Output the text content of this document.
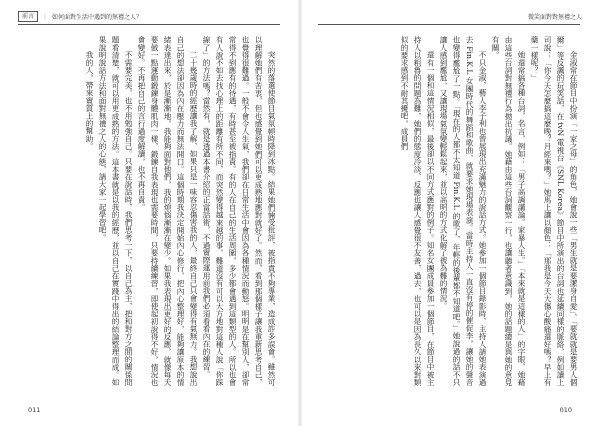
前言	｜ 如何面對生活中遇到的無禮之人？

突然的落選使節目氣氛頓時降到冰點。結果她們倆受批評，被指責不夠專業，造成許多誤會。雖然可以理解她們有苦衷，但也感覺到她們可以更成熟地應對就好了。然而，看到那個樣子讓我重新思考自己，也覺得很難過。一般不會令人生氣，我們卻在日常生活中會因為各種情況而動怒。明明是在幫別人，卻常常得不到應有的待遇，有時甚至被指責。有的人在自己的生活周圍，多少都會遇到這類型的人。所以也會有人說不如去找心理上的距離有所不同，而突然變得越來越的事，難道沒有可以大方地對這種人說「你踩線了」的方法嗎？當然有，就是透過本書介紹的正當話術，不過實際運用前我們必須看看內在的練習。

二十幾歲時的經歷讓我了解，如果只是一味容忍傷害我的人，最終自己只會變得有氣無力。我想說出自己的想法卻因為內在壓力而無法開口。這個時期我決定開始內心修行，把內心整理好，能夠讓原本的情緒表達出來，於是漸漸地，我能夠面對他們，我的煩惱漸漸在變少。如果我表現出更好的反應，就像每天要做一點運動鍛鍊身體肌肉一樣，鍛鍊自我表現也需要時間，只要持續練習，即使起初說得不好，情況也會變好。不再把自己的言行過度解讀，也不再自責。

不需要完美，也不用勉強自己。只要在說話時，我們思考一下，以自己為主，把和對方之間的關係問題看清楚，就可以用更成熟的方法。這本書就是以我的經歷，並以自己在實踐中得出的結論整理而成。如果說明說話方法和面對無禮之人的心態，請大家一起學習吧。

我的人，帶來實質上的幫助。

011
微笑面對對無禮之人

金淑常在節目中扮演「一家之母」的角色，她會說一些「男生就是要潔身自愛」、「要就就是要男人個爾」等反諷的玩笑話，在 tvN 電視台《SNL Korea》節目中所演出的台詞也延續同樣的脈絡，例如讀上司說：「你今天怎麼搞這麼晚？月經來嗎？」她馬上讓以顏色：「那我是今天大傷心酸痛還好嗎？早上有藥一樣呢？」

她還常搞各種台詞，名言，例如：「男子高調講論。家暴人生。」「本來就是這樣的人」的字眼，她藉由這些台詞對無禮行為拋出抗議。她藉由這些台詞觀察一行，也讓聽者意識到，她的話題總是與她的意見有關。

不只金淑，藝人李子利也曾展現出充滿魅力的說話方式。她參加一個節目錄影時，主持人請她表演過去 Fin.K.L 女團時代的舞蹈和歌曲，就要求她現場表演。當時主持人一直沒有停的催促李，讓她的聲音也變得尷尬了一點。「現在的人都不太知道 Fin.K.L 的歌了，年輕的後輩都不知道吧。」她說過的話不只讓人感到尷尬，又讓現場氣氛變輕鬆起來，並以高明的方式化解了被為難的情況。

還有一個和這情況相似，最後卻以不同方式應對的例子。知名女團成員參加一個節目，在節目中被主持人以粗魯的問題為難，她們的態度冷淡、反應也讓人感覺很不友善，過去，也可以是因為長久以來對類似的要求感到不耐其擾吧，成員們

010
